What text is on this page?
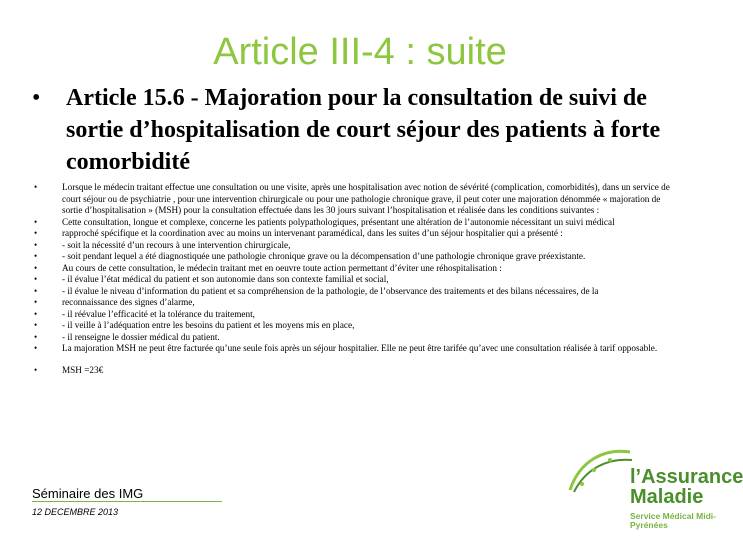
Article III-4 : suite
• Article 15.6 - Majoration pour la consultation de suivi de sortie d’hospitalisation de court séjour des patients à forte comorbidité
• Lorsque le médecin traitant effectue une consultation ou une visite, après une hospitalisation avec notion de sévérité (complication, comorbidités), dans un service de court séjour ou de psychiatrie , pour une intervention chirurgicale ou pour une pathologie chronique grave, il peut coter une majoration dénommée « majoration de sortie d’hospitalisation » (MSH) pour la consultation effectuée dans les 30 jours suivant l’hospitalisation et réalisée dans les conditions suivantes :
• Cette consultation, longue et complexe, concerne les patients polypathologiques, présentant une altération de l’autonomie nécessitant un suivi médical
• rapproché spécifique et la coordination avec au moins un intervenant paramédical, dans les suites d’un séjour hospitalier qui a présenté :
• - soit la nécessité d’un recours à une intervention chirurgicale,
• - soit pendant lequel a été diagnostiquée une pathologie chronique grave ou la décompensation d’une pathologie chronique grave préexistante.
• Au cours de cette consultation, le médecin traitant met en oeuvre toute action permettant d’éviter une réhospitalisation :
• - il évalue l’état médical du patient et son autonomie dans son contexte familial et social,
• - il évalue le niveau d’information du patient et sa compréhension de la pathologie, de l’observance des traitements et des bilans nécessaires, de la
• reconnaissance des signes d’alarme,
• - il réévalue l’efficacité et la tolérance du traitement,
• - il veille à l’adéquation entre les besoins du patient et les moyens mis en place,
• - il renseigne le dossier médical du patient.
• La majoration MSH ne peut être facturée qu’une seule fois après un séjour hospitalier. Elle ne peut être tarifée qu’avec une consultation réalisée à tarif opposable.
• MSH =23€
Séminaire des IMG
12 DECEMBRE 2013
l’Assurance
Maladie
Service Médical Midi-Pyrénées
